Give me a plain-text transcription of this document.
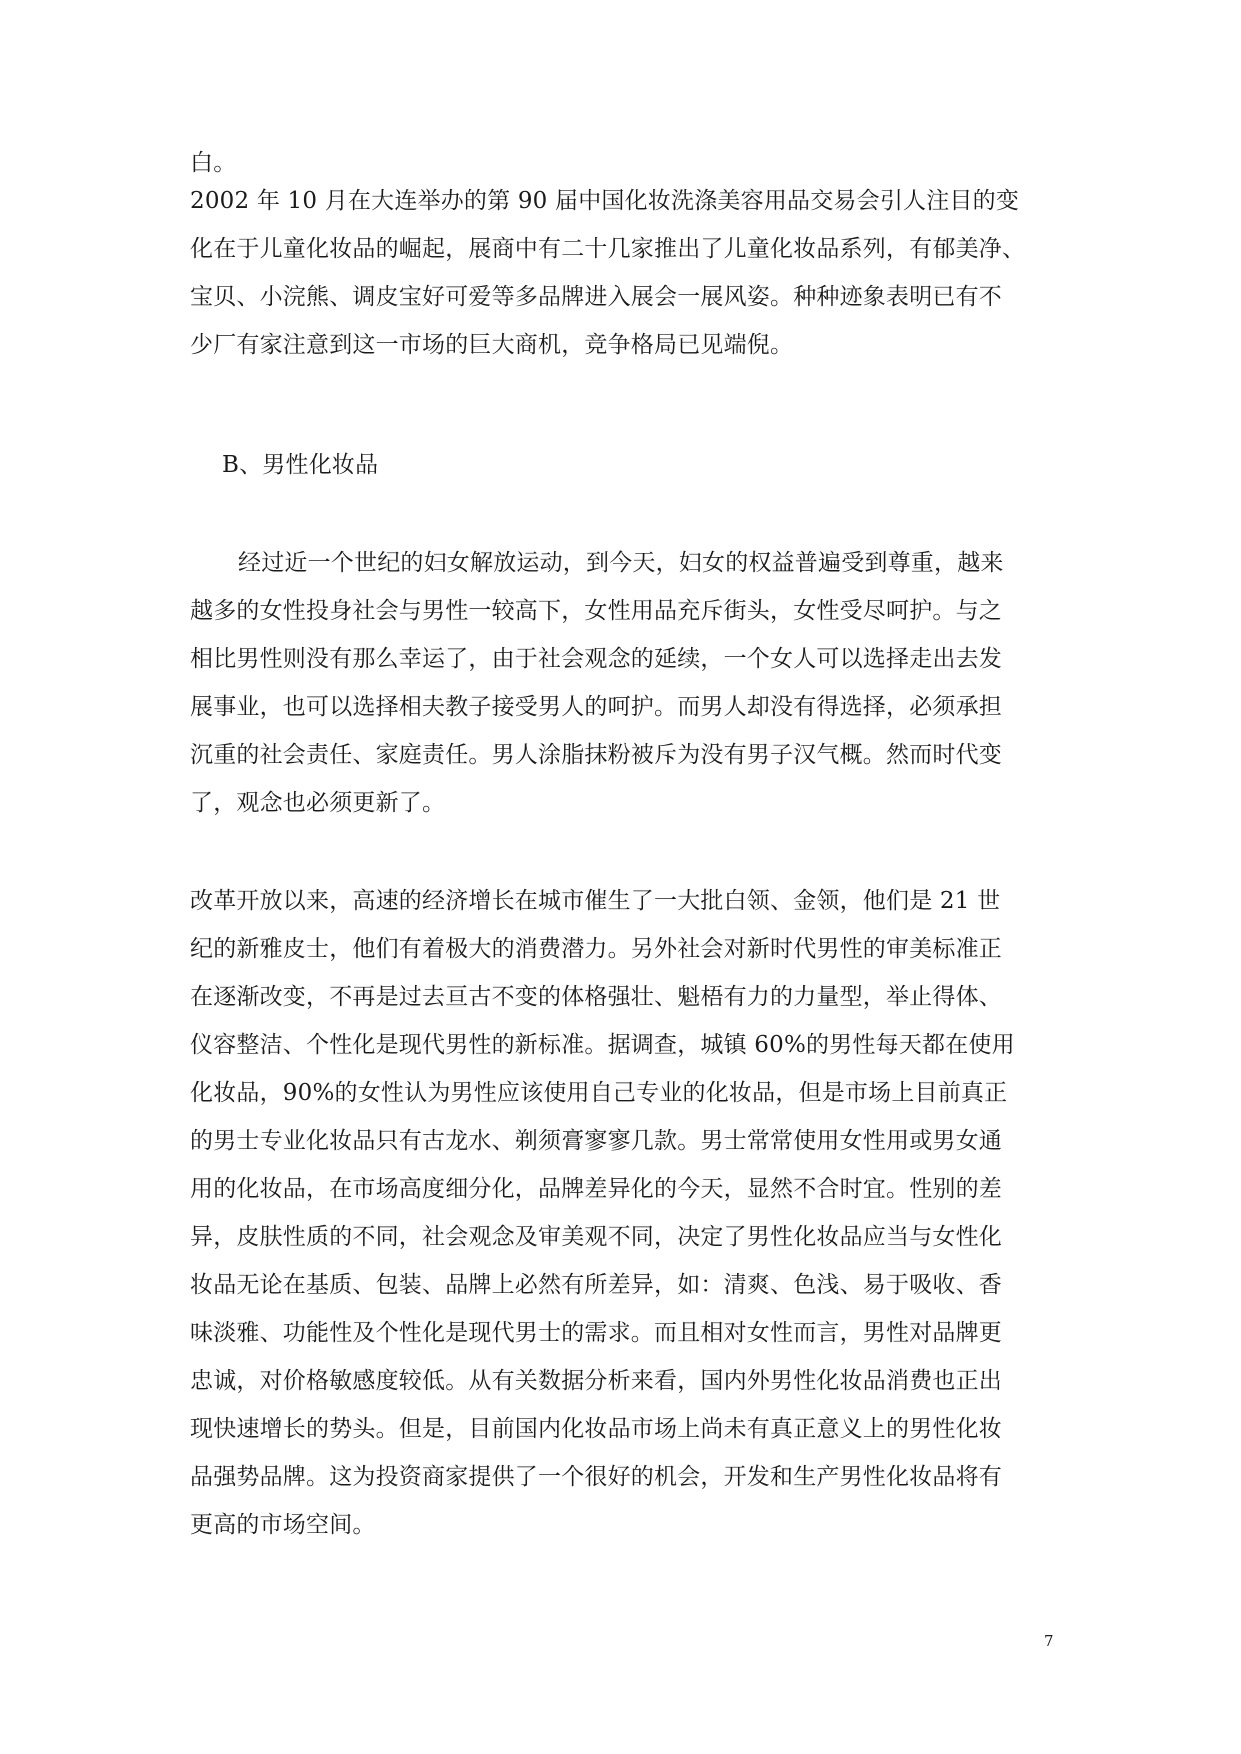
白。
2002 年 10 月在大连举办的第 90 届中国化妆洗涤美容用品交易会引人注目的变
化在于儿童化妆品的崛起，展商中有二十几家推出了儿童化妆品系列，有郁美净、
宝贝、小浣熊、调皮宝好可爱等多品牌进入展会一展风姿。种种迹象表明已有不
少厂有家注意到这一市场的巨大商机，竞争格局已见端倪。
B、男性化妆品
经过近一个世纪的妇女解放运动，到今天，妇女的权益普遍受到尊重，越来
越多的女性投身社会与男性一较高下，女性用品充斥街头，女性受尽呵护。与之
相比男性则没有那么幸运了，由于社会观念的延续，一个女人可以选择走出去发
展事业，也可以选择相夫教子接受男人的呵护。而男人却没有得选择，必须承担
沉重的社会责任、家庭责任。男人涂脂抹粉被斥为没有男子汉气概。然而时代变
了，观念也必须更新了。
改革开放以来，高速的经济增长在城市催生了一大批白领、金领，他们是 21 世
纪的新雅皮士，他们有着极大的消费潜力。另外社会对新时代男性的审美标准正
在逐渐改变，不再是过去亘古不变的体格强壮、魁梧有力的力量型，举止得体、
仪容整洁、个性化是现代男性的新标准。据调查，城镇 60%的男性每天都在使用
化妆品，90%的女性认为男性应该使用自己专业的化妆品，但是市场上目前真正
的男士专业化妆品只有古龙水、剃须膏寥寥几款。男士常常使用女性用或男女通
用的化妆品，在市场高度细分化，品牌差异化的今天，显然不合时宜。性别的差
异，皮肤性质的不同，社会观念及审美观不同，决定了男性化妆品应当与女性化
妆品无论在基质、包装、品牌上必然有所差异，如：清爽、色浅、易于吸收、香
味淡雅、功能性及个性化是现代男士的需求。而且相对女性而言，男性对品牌更
忠诚，对价格敏感度较低。从有关数据分析来看，国内外男性化妆品消费也正出
现快速增长的势头。但是，目前国内化妆品市场上尚未有真正意义上的男性化妆
品强势品牌。这为投资商家提供了一个很好的机会，开发和生产男性化妆品将有
更高的市场空间。
7
